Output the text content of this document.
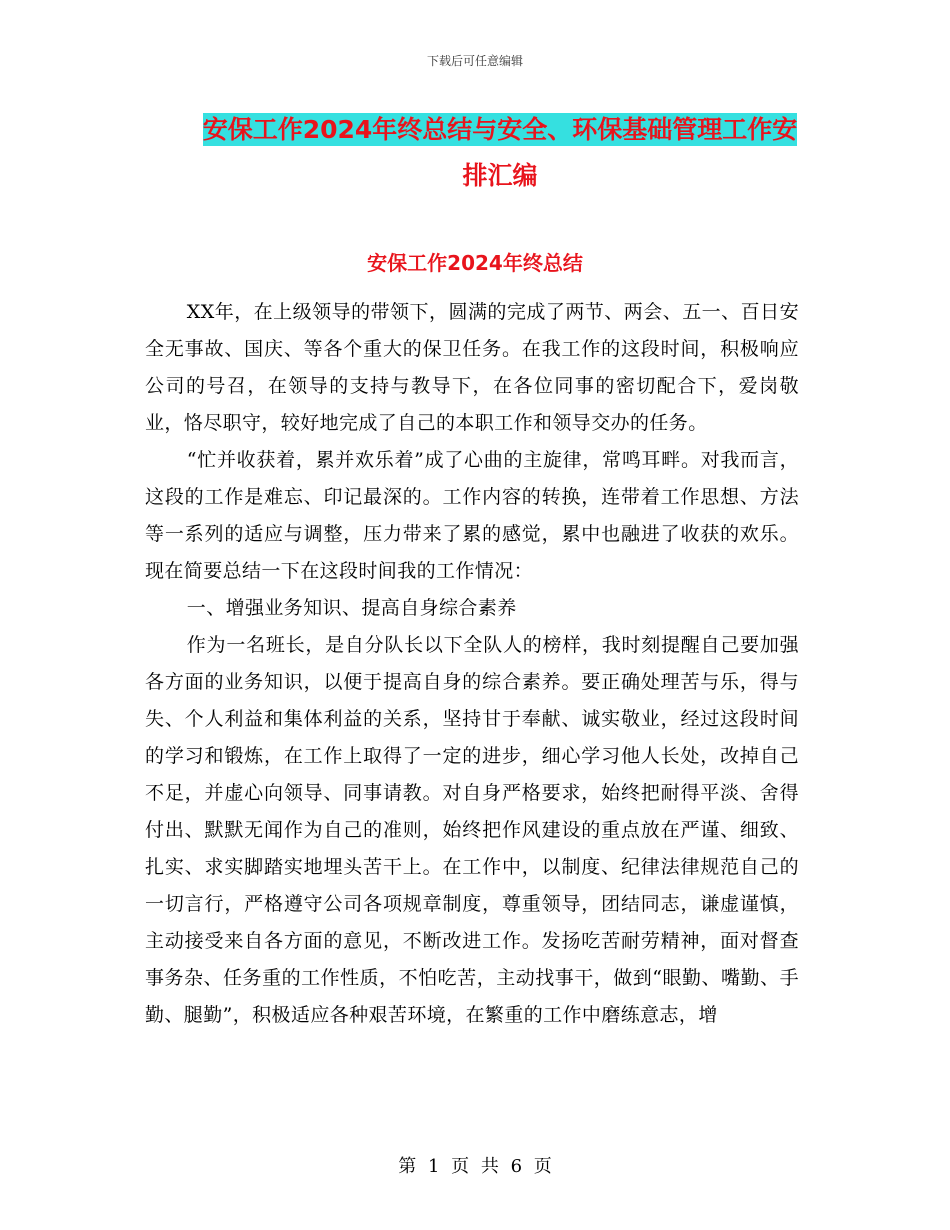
下载后可任意编辑
安保工作2024年终总结与安全、环保基础管理工作安
排汇编
安保工作2024年终总结

XX年，在上级领导的带领下，圆满的完成了两节、两会、五一、百日安全无事故、国庆、等各个重大的保卫任务。在我工作的这段时间，积极响应公司的号召，在领导的支持与教导下，在各位同事的密切配合下，爱岗敬业，恪尽职守，较好地完成了自己的本职工作和领导交办的任务。

“忙并收获着，累并欢乐着”成了心曲的主旋律，常鸣耳畔。对我而言，这段的工作是难忘、印记最深的。工作内容的转换，连带着工作思想、方法等一系列的适应与调整，压力带来了累的感觉，累中也融进了收获的欢乐。现在简要总结一下在这段时间我的工作情况：

一、增强业务知识、提高自身综合素养

作为一名班长，是自分队长以下全队人的榜样，我时刻提醒自己要加强各方面的业务知识，以便于提高自身的综合素养。要正确处理苦与乐，得与失、个人利益和集体利益的关系，坚持甘于奉献、诚实敬业，经过这段时间的学习和锻炼，在工作上取得了一定的进步，细心学习他人长处，改掉自己不足，并虚心向领导、同事请教。对自身严格要求，始终把耐得平淡、舍得付出、默默无闻作为自己的准则，始终把作风建设的重点放在严谨、细致、扎实、求实脚踏实地埋头苦干上。在工作中，以制度、纪律法律规范自己的一切言行，严格遵守公司各项规章制度，尊重领导，团结同志，谦虚谨慎，主动接受来自各方面的意见，不断改进工作。发扬吃苦耐劳精神，面对督查事务杂、任务重的工作性质，不怕吃苦，主动找事干，做到“眼勤、嘴勤、手勤、腿勤”，积极适应各种艰苦环境，在繁重的工作中磨练意志，增

第 1 页 共 6 页
